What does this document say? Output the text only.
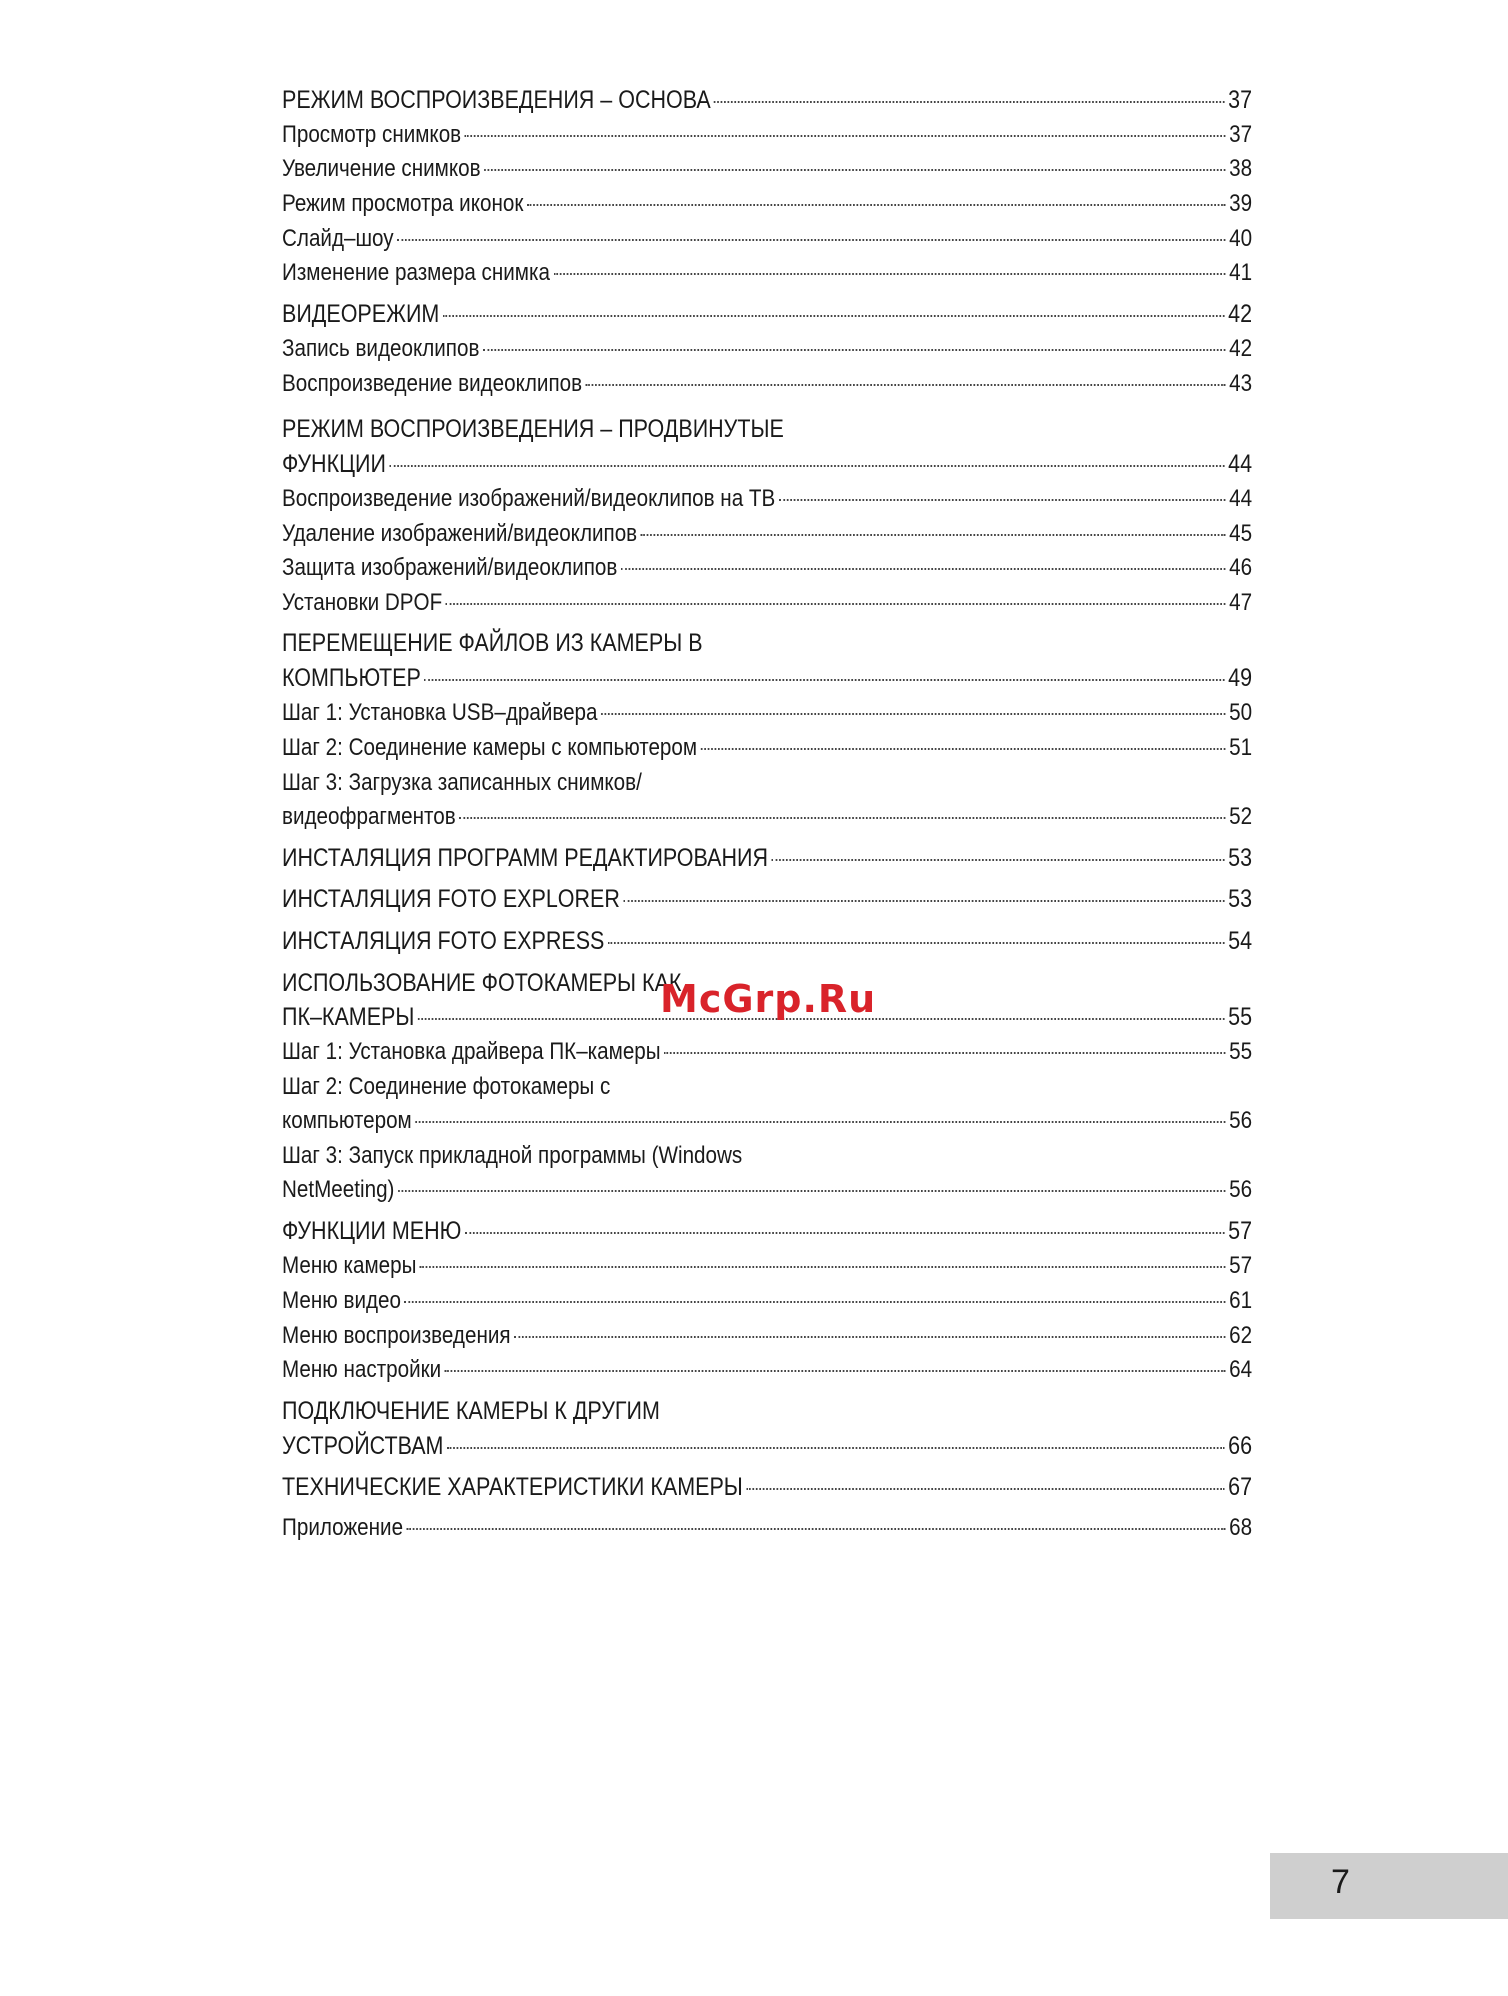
РЕЖИМ ВОСПРОИЗВЕДЕНИЯ – ОСНОВА	37
Просмотр снимков	37
Увеличение снимков	38
Режим просмотра иконок	39
Слайд–шоу	40
Изменение размера снимка	41
ВИДЕОРЕЖИМ	42
Запись видеоклипов	42
Воспроизведение видеоклипов	43
РЕЖИМ ВОСПРОИЗВЕДЕНИЯ – ПРОДВИНУТЫЕ
ФУНКЦИИ	44
Воспроизведение изображений/видеоклипов на ТВ	44
Удаление изображений/видеоклипов	45
Защита изображений/видеоклипов	46
Установки DPOF	47
ПЕРЕМЕЩЕНИЕ ФАЙЛОВ ИЗ КАМЕРЫ В
КОМПЬЮТЕР	49
Шаг 1: Установка USB–драйвера	50
Шаг 2: Соединение камеры с компьютером	51
Шаг 3: Загрузка записанных снимков/
видеофрагментов	52
ИНСТАЛЯЦИЯ ПРОГРАММ РЕДАКТИРОВАНИЯ	53
ИНСТАЛЯЦИЯ FOTO EXPLORER	53
ИНСТАЛЯЦИЯ FOTO EXPRESS	54
ИСПОЛЬЗОВАНИЕ ФОТОКАМЕРЫ КАК
ПК–КАМЕРЫ	55
Шаг 1: Установка драйвера ПК–камеры	55
Шаг 2: Соединение фотокамеры с
компьютером	56
Шаг 3: Запуск прикладной программы (Windows
NetMeeting)	56
ФУНКЦИИ МЕНЮ	57
Меню камеры	57
Меню видео	61
Меню воспроизведения	62
Меню настройки	64
ПОДКЛЮЧЕНИЕ КАМЕРЫ К ДРУГИМ
УСТРОЙСТВАМ	66
ТЕХНИЧЕСКИЕ ХАРАКТЕРИСТИКИ КАМЕРЫ	67
Приложение	68
McGrp.Ru
7
